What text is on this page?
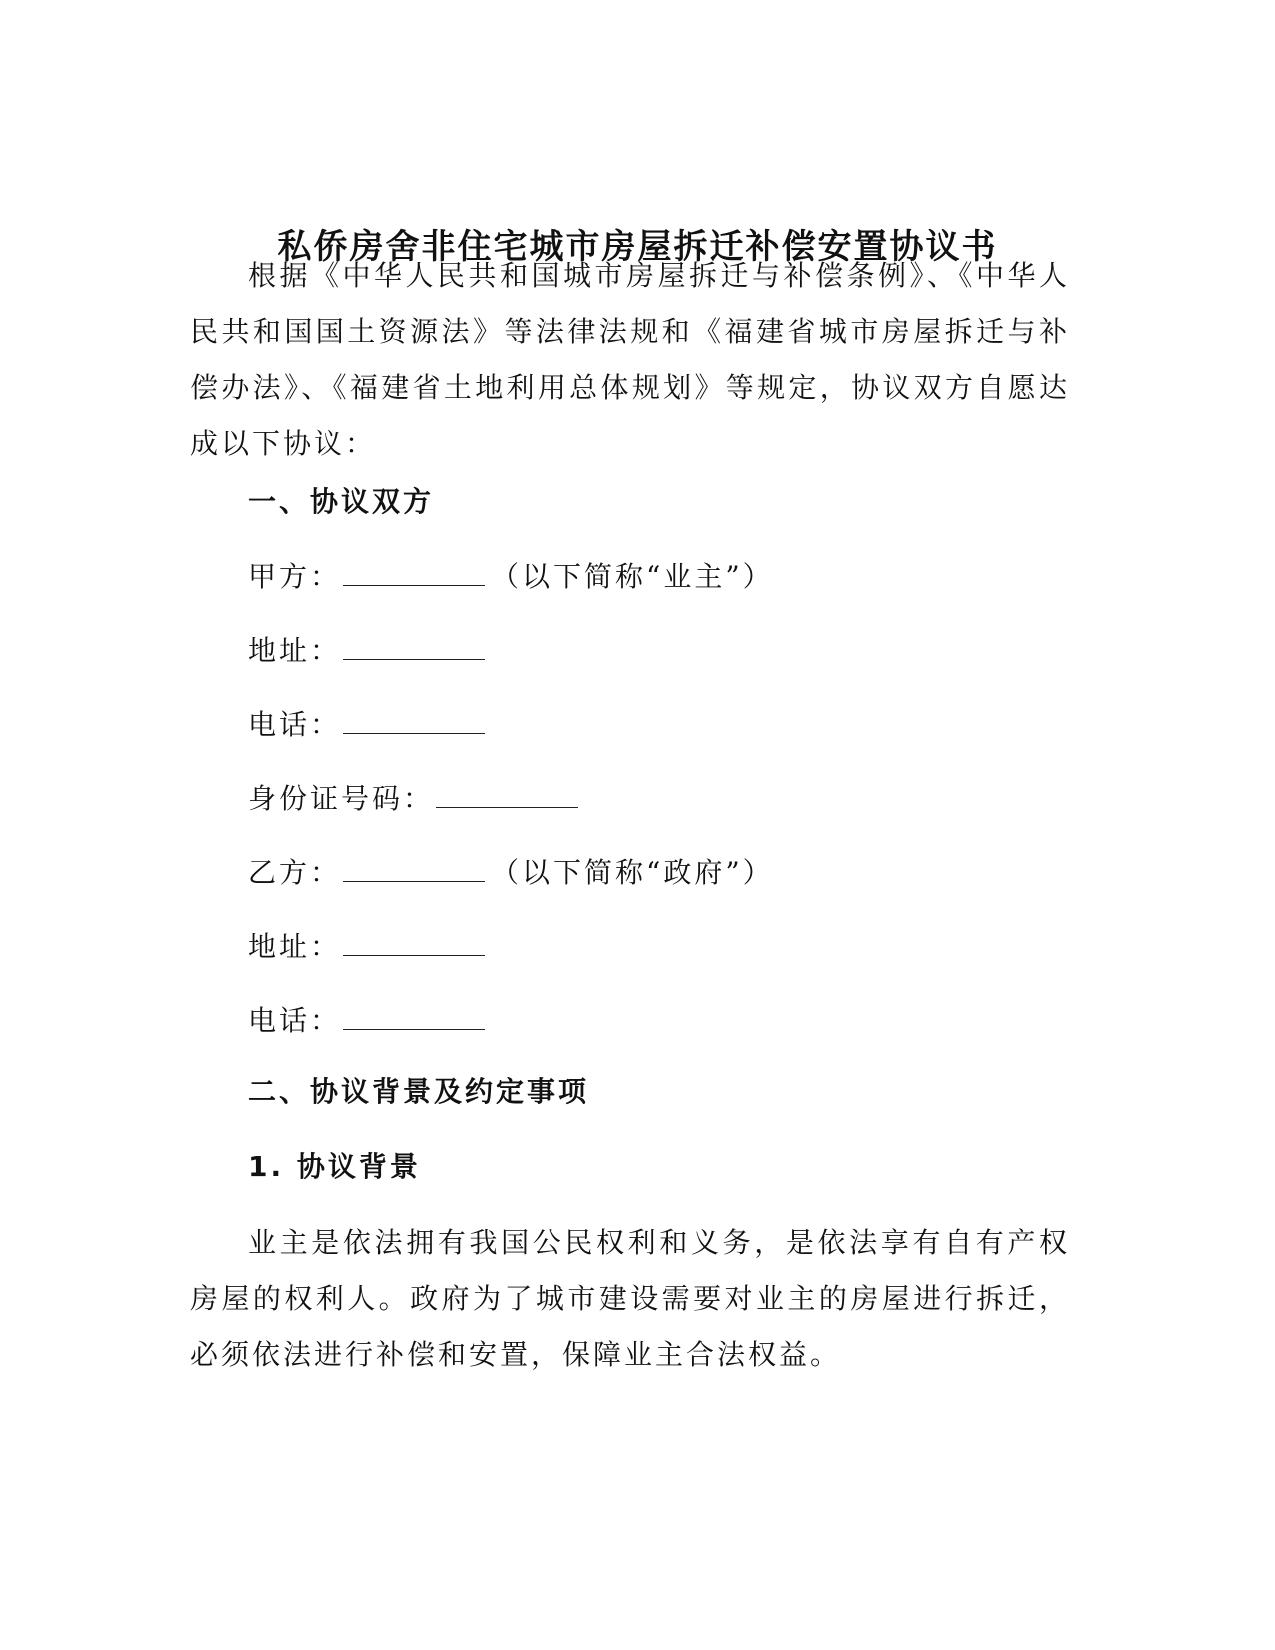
私侨房舍非住宅城市房屋拆迁补偿安置协议书

根据《中华人民共和国城市房屋拆迁与补偿条例》、《中华人民共和国国土资源法》等法律法规和《福建省城市房屋拆迁与补偿办法》、《福建省土地利用总体规划》等规定，协议双方自愿达成以下协议：

一、协议双方

甲方：	（以下简称“业主”）

地址：

电话：

身份证号码：

乙方：	（以下简称“政府”）

地址：

电话：

二、协议背景及约定事项
1. 协议背景

业主是依法拥有我国公民权利和义务，是依法享有自有产权房屋的权利人。政府为了城市建设需要对业主的房屋进行拆迁，必须依法进行补偿和安置，保障业主合法权益。
